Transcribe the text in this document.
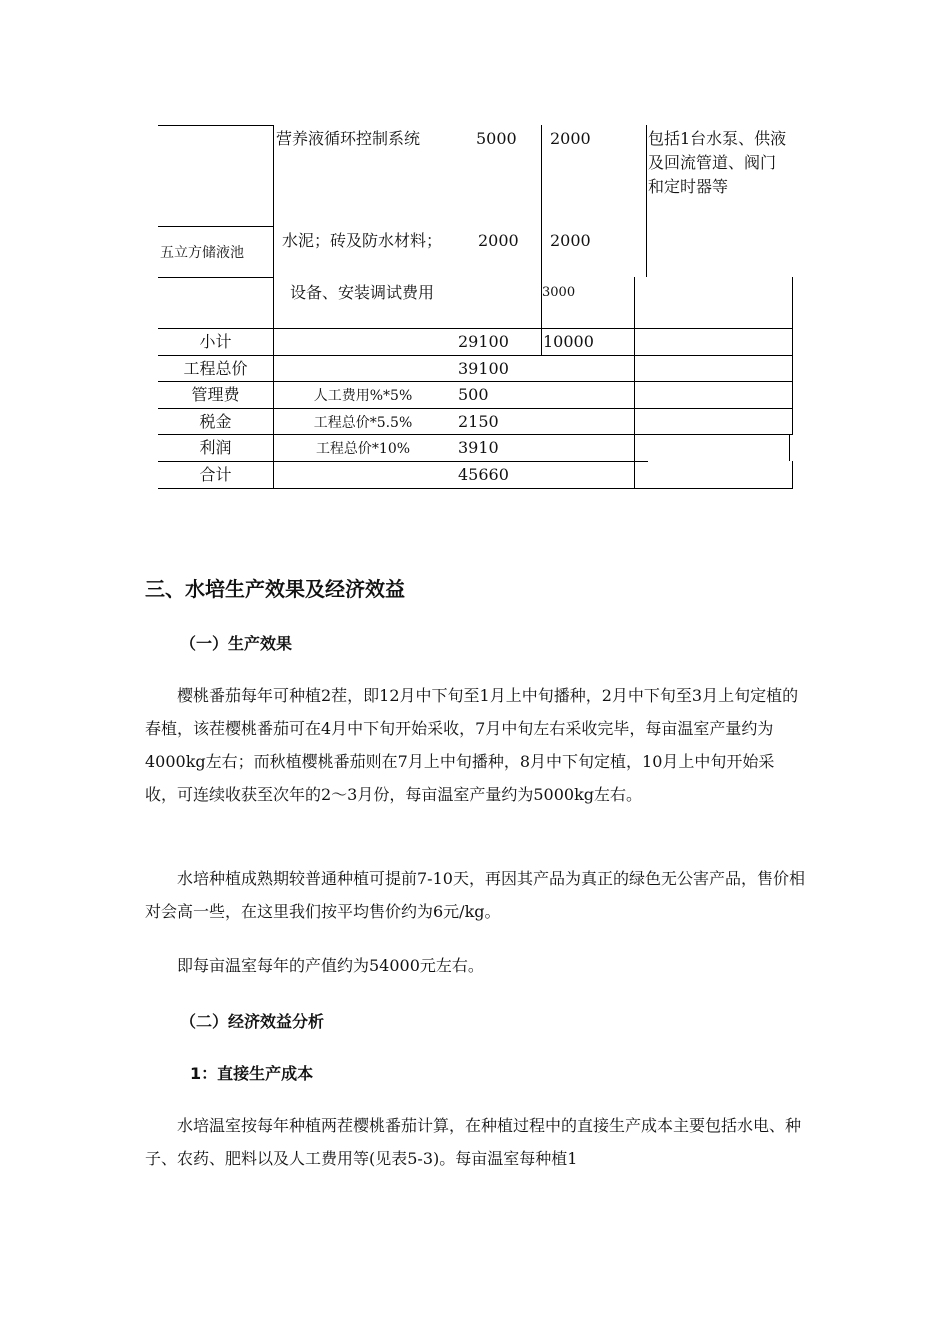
营养液循环控制系统	5000 2000	包括1台水泵、供液及回流管道、阀门和定时器等
五立方储液池
水泥；砖及防水材料； 2000 2000
设备、安装调试费用	3000
小计	29100 10000
工程总价	39100
管理费	人工费用%*5%	500
税金	工程总价*5.5%	2150
利润	工程总价*10%	3910
合计	45660
三、水培生产效果及经济效益
（一）生产效果
樱桃番茄每年可种植2茬，即12月中下旬至1月上中旬播种，2月中下旬至3月上旬定植的春植，该茬樱桃番茄可在4月中下旬开始采收，7月中旬左右采收完毕，每亩温室产量约为4000kg左右；而秋植樱桃番茄则在7月上中旬播种，8月中下旬定植，10月上中旬开始采收，可连续收获至次年的2～3月份，每亩温室产量约为5000kg左右。
水培种植成熟期较普通种植可提前7-10天，再因其产品为真正的绿色无公害产品，售价相对会高一些，在这里我们按平均售价约为6元/kg。
即每亩温室每年的产值约为54000元左右。
（二）经济效益分析
1：直接生产成本
水培温室按每年种植两茬樱桃番茄计算，在种植过程中的直接生产成本主要包括水电、种子、农药、肥料以及人工费用等(见表5-3)。每亩温室每种植1
